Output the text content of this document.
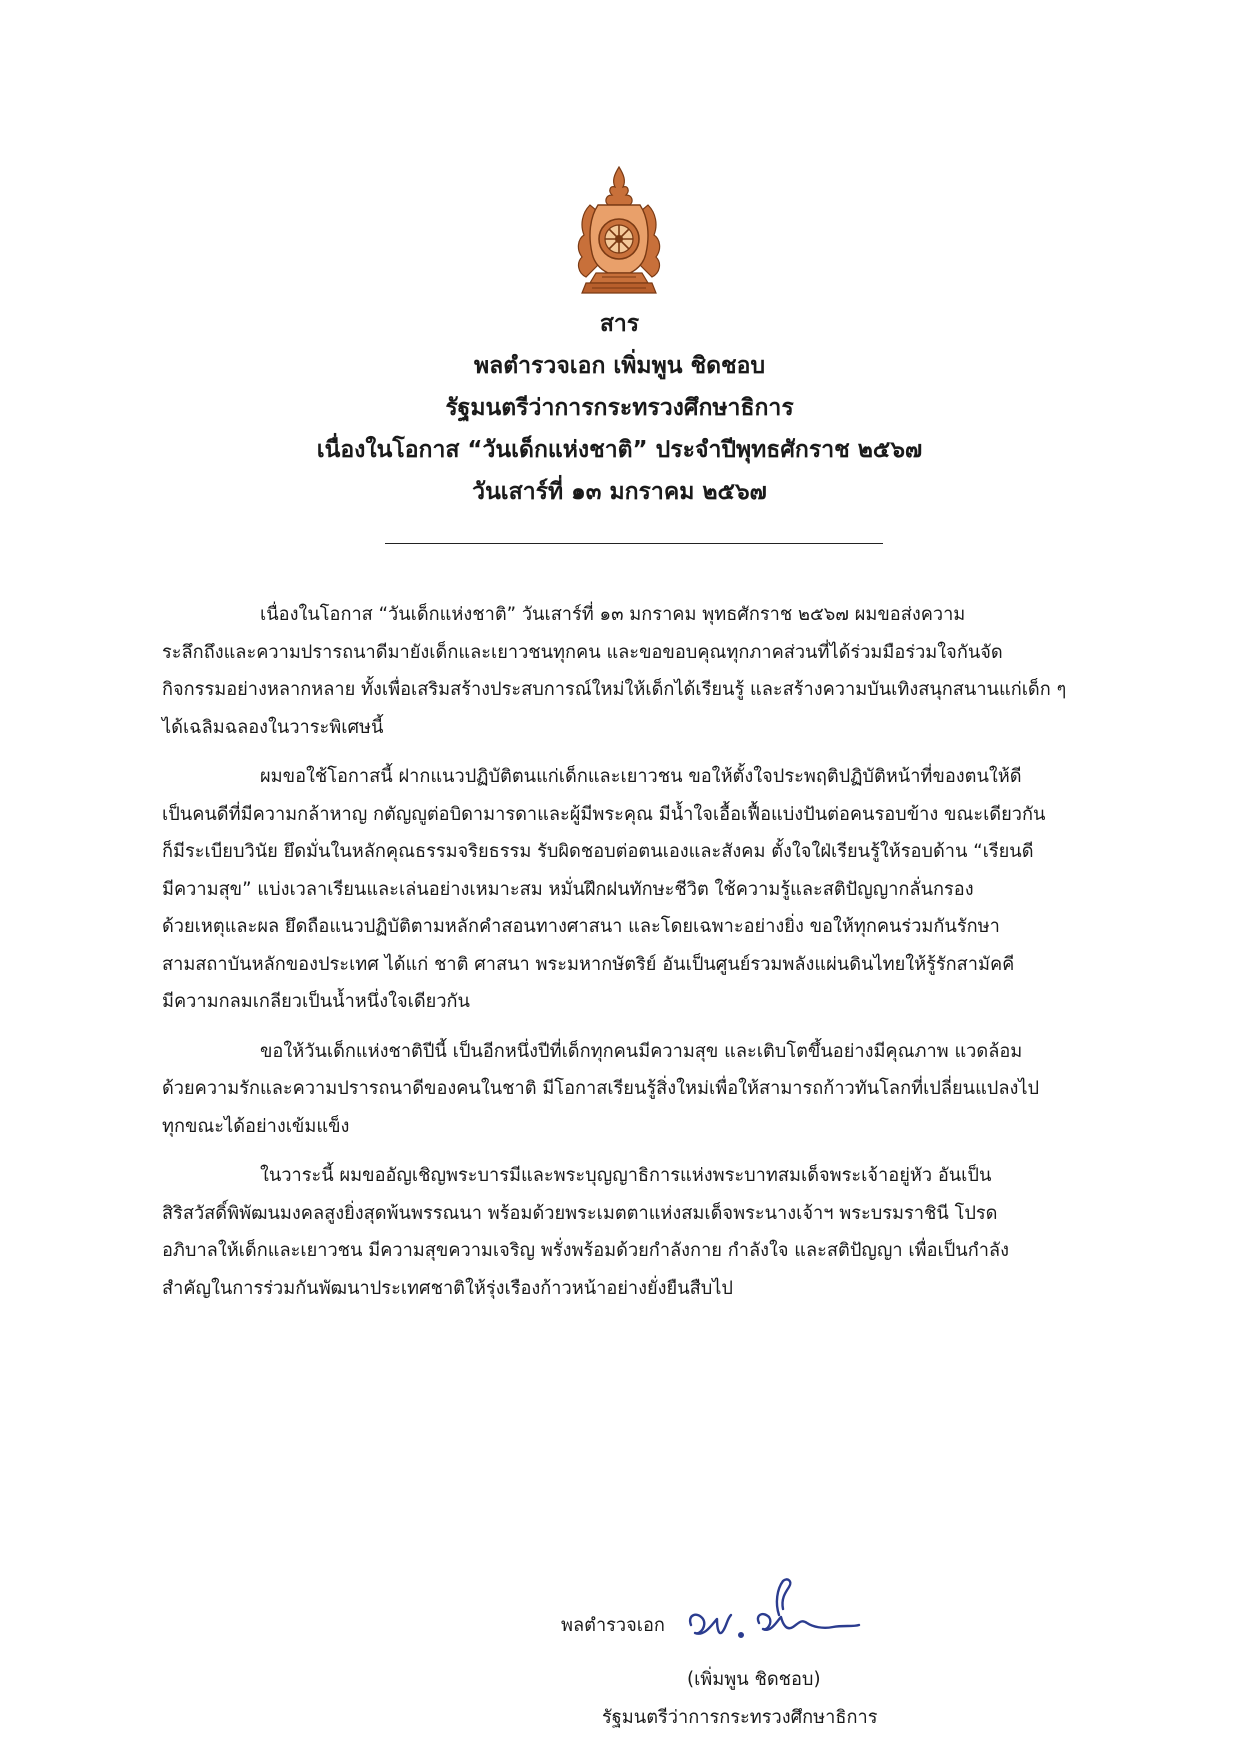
สาร
พลตำรวจเอก เพิ่มพูน ชิดชอบ
รัฐมนตรีว่าการกระทรวงศึกษาธิการ
เนื่องในโอกาส “วันเด็กแห่งชาติ” ประจำปีพุทธศักราช ๒๕๖๗
วันเสาร์ที่ ๑๓ มกราคม ๒๕๖๗

เนื่องในโอกาส “วันเด็กแห่งชาติ” วันเสาร์ที่ ๑๓ มกราคม พุทธศักราช ๒๕๖๗ ผมขอส่งความ
ระลึกถึงและความปรารถนาดีมายังเด็กและเยาวชนทุกคน และขอขอบคุณทุกภาคส่วนที่ได้ร่วมมือร่วมใจกันจัด
กิจกรรมอย่างหลากหลาย ทั้งเพื่อเสริมสร้างประสบการณ์ใหม่ให้เด็กได้เรียนรู้ และสร้างความบันเทิงสนุกสนานแก่เด็ก ๆ
ได้เฉลิมฉลองในวาระพิเศษนี้

ผมขอใช้โอกาสนี้ ฝากแนวปฏิบัติตนแก่เด็กและเยาวชน ขอให้ตั้งใจประพฤติปฏิบัติหน้าที่ของตนให้ดี
เป็นคนดีที่มีความกล้าหาญ กตัญญูต่อบิดามารดาและผู้มีพระคุณ มีน้ำใจเอื้อเฟื้อแบ่งปันต่อคนรอบข้าง ขณะเดียวกัน
ก็มีระเบียบวินัย ยึดมั่นในหลักคุณธรรมจริยธรรม รับผิดชอบต่อตนเองและสังคม ตั้งใจใฝ่เรียนรู้ให้รอบด้าน “เรียนดี
มีความสุข” แบ่งเวลาเรียนและเล่นอย่างเหมาะสม หมั่นฝึกฝนทักษะชีวิต ใช้ความรู้และสติปัญญากลั่นกรอง
ด้วยเหตุและผล ยึดถือแนวปฏิบัติตามหลักคำสอนทางศาสนา และโดยเฉพาะอย่างยิ่ง ขอให้ทุกคนร่วมกันรักษา
สามสถาบันหลักของประเทศ ได้แก่ ชาติ ศาสนา พระมหากษัตริย์ อันเป็นศูนย์รวมพลังแผ่นดินไทยให้รู้รักสามัคคี
มีความกลมเกลียวเป็นน้ำหนึ่งใจเดียวกัน

ขอให้วันเด็กแห่งชาติปีนี้ เป็นอีกหนึ่งปีที่เด็กทุกคนมีความสุข และเติบโตขึ้นอย่างมีคุณภาพ แวดล้อม
ด้วยความรักและความปรารถนาดีของคนในชาติ มีโอกาสเรียนรู้สิ่งใหม่เพื่อให้สามารถก้าวทันโลกที่เปลี่ยนแปลงไป
ทุกขณะได้อย่างเข้มแข็ง

ในวาระนี้ ผมขออัญเชิญพระบารมีและพระบุญญาธิการแห่งพระบาทสมเด็จพระเจ้าอยู่หัว อันเป็น
สิริสวัสดิ์พิพัฒนมงคลสูงยิ่งสุดพ้นพรรณนา พร้อมด้วยพระเมตตาแห่งสมเด็จพระนางเจ้าฯ พระบรมราชินี โปรด
อภิบาลให้เด็กและเยาวชน มีความสุขความเจริญ พรั่งพร้อมด้วยกำลังกาย กำลังใจ และสติปัญญา เพื่อเป็นกำลัง
สำคัญในการร่วมกันพัฒนาประเทศชาติให้รุ่งเรืองก้าวหน้าอย่างยั่งยืนสืบไป

พลตำรวจเอก
(เพิ่มพูน ชิดชอบ)
รัฐมนตรีว่าการกระทรวงศึกษาธิการ
